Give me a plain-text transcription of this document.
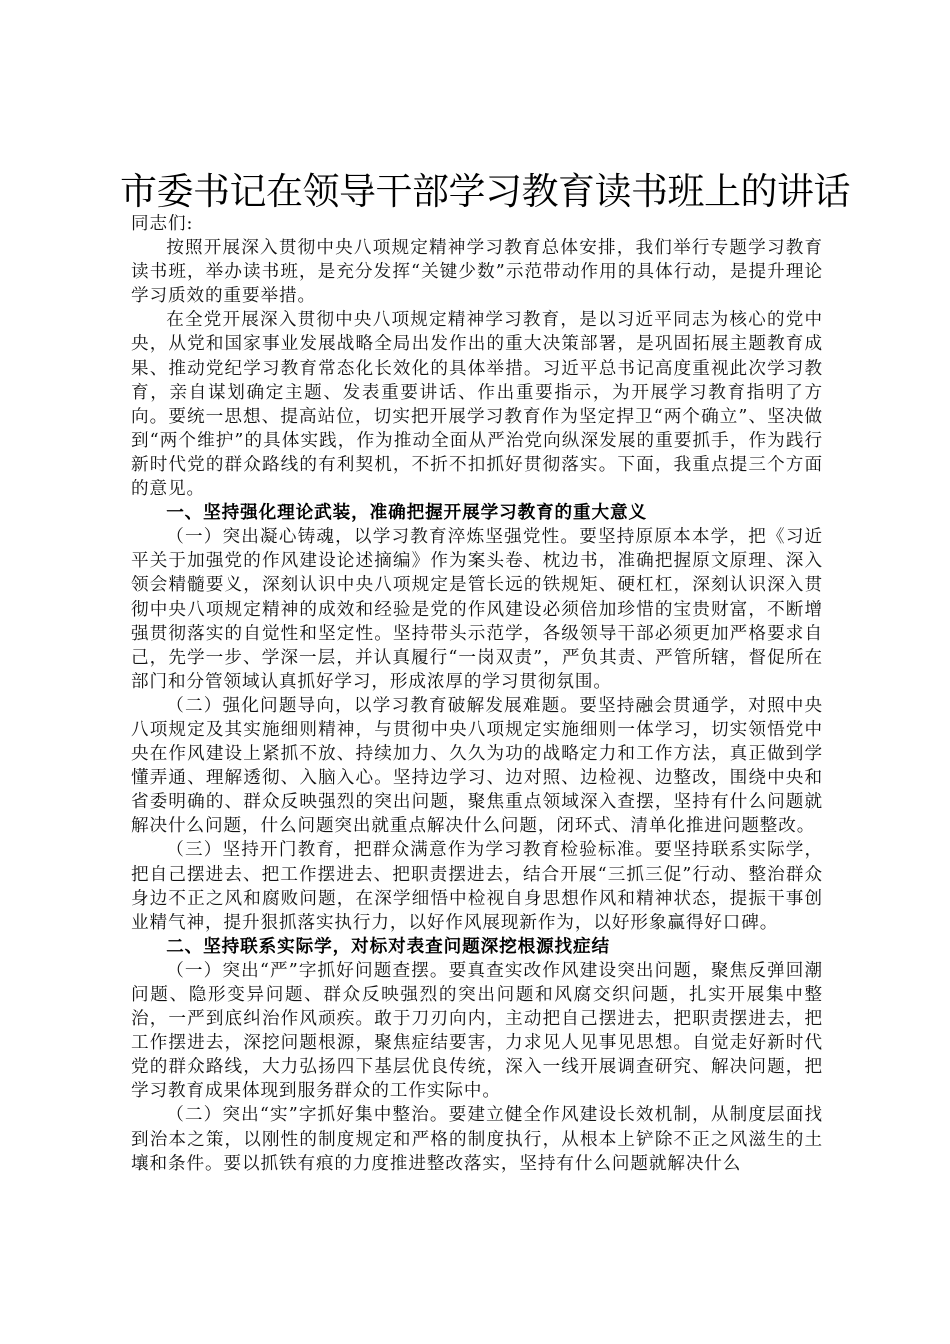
市委书记在领导干部学习教育读书班上的讲话

同志们:

按照开展深入贯彻中央八项规定精神学习教育总体安排，我们举行专题学习教育读书班，举办读书班，是充分发挥“关键少数”示范带动作用的具体行动，是提升理论学习质效的重要举措。

在全党开展深入贯彻中央八项规定精神学习教育，是以习近平同志为核心的党中央，从党和国家事业发展战略全局出发作出的重大决策部署，是巩固拓展主题教育成果、推动党纪学习教育常态化长效化的具体举措。习近平总书记高度重视此次学习教育，亲自谋划确定主题、发表重要讲话、作出重要指示，为开展学习教育指明了方向。要统一思想、提高站位，切实把开展学习教育作为坚定捍卫“两个确立”、坚决做到“两个维护”的具体实践，作为推动全面从严治党向纵深发展的重要抓手，作为践行新时代党的群众路线的有利契机，不折不扣抓好贯彻落实。下面，我重点提三个方面的意见。

一、坚持强化理论武装，准确把握开展学习教育的重大意义

（一）突出凝心铸魂，以学习教育淬炼坚强党性。要坚持原原本本学，把《习近平关于加强党的作风建设论述摘编》作为案头卷、枕边书，准确把握原文原理、深入领会精髓要义，深刻认识中央八项规定是管长远的铁规矩、硬杠杠，深刻认识深入贯彻中央八项规定精神的成效和经验是党的作风建设必须倍加珍惜的宝贵财富，不断增强贯彻落实的自觉性和坚定性。坚持带头示范学，各级领导干部必须更加严格要求自己，先学一步、学深一层，并认真履行“一岗双责”，严负其责、严管所辖，督促所在部门和分管领域认真抓好学习，形成浓厚的学习贯彻氛围。

（二）强化问题导向，以学习教育破解发展难题。要坚持融会贯通学，对照中央八项规定及其实施细则精神，与贯彻中央八项规定实施细则一体学习，切实领悟党中央在作风建设上紧抓不放、持续加力、久久为功的战略定力和工作方法，真正做到学懂弄通、理解透彻、入脑入心。坚持边学习、边对照、边检视、边整改，围绕中央和省委明确的、群众反映强烈的突出问题，聚焦重点领域深入查摆，坚持有什么问题就解决什么问题，什么问题突出就重点解决什么问题，闭环式、清单化推进问题整改。

（三）坚持开门教育，把群众满意作为学习教育检验标准。要坚持联系实际学，把自己摆进去、把工作摆进去、把职责摆进去，结合开展“三抓三促”行动、整治群众身边不正之风和腐败问题，在深学细悟中检视自身思想作风和精神状态，提振干事创业精气神，提升狠抓落实执行力，以好作风展现新作为，以好形象赢得好口碑。

二、坚持联系实际学，对标对表查问题深挖根源找症结

（一）突出“严”字抓好问题查摆。要真查实改作风建设突出问题，聚焦反弹回潮问题、隐形变异问题、群众反映强烈的突出问题和风腐交织问题，扎实开展集中整治，一严到底纠治作风顽疾。敢于刀刃向内，主动把自己摆进去，把职责摆进去，把工作摆进去，深挖问题根源，聚焦症结要害，力求见人见事见思想。自觉走好新时代党的群众路线，大力弘扬四下基层优良传统，深入一线开展调查研究、解决问题，把学习教育成果体现到服务群众的工作实际中。

（二）突出“实”字抓好集中整治。要建立健全作风建设长效机制，从制度层面找到治本之策，以刚性的制度规定和严格的制度执行，从根本上铲除不正之风滋生的土壤和条件。要以抓铁有痕的力度推进整改落实，坚持有什么问题就解决什么
